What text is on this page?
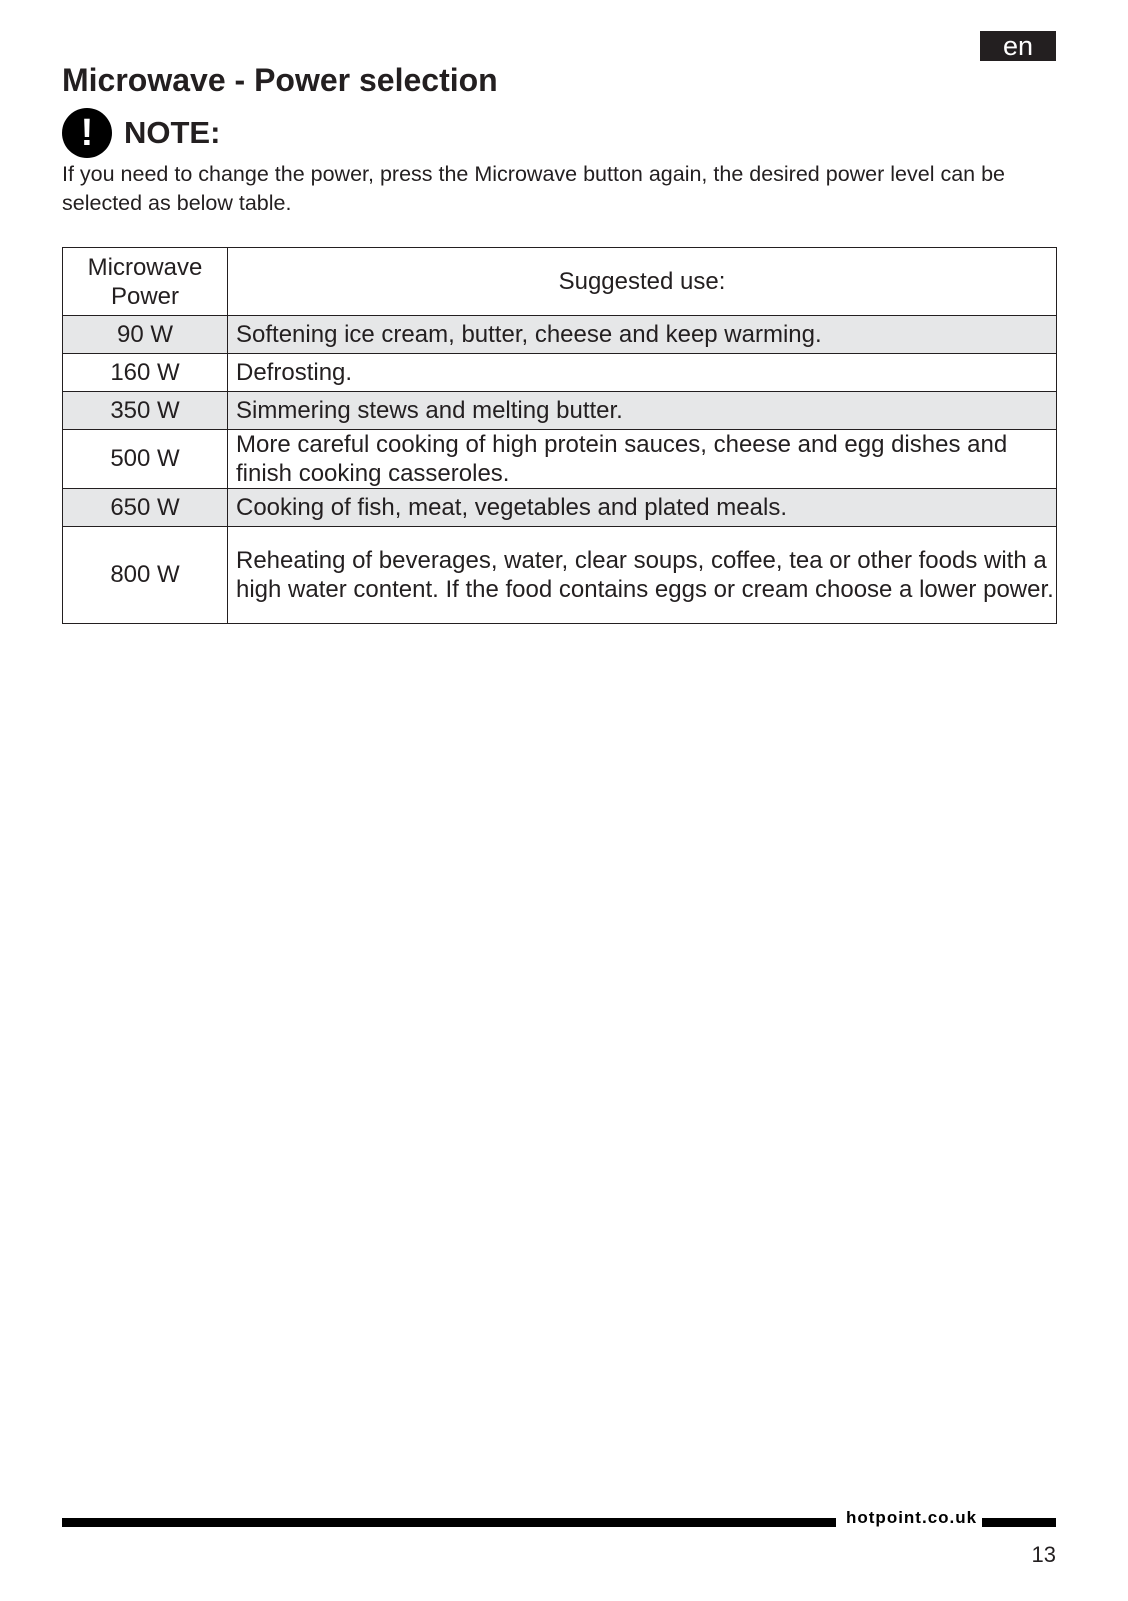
en
Microwave - Power selection
! NOTE:

If you need to change the power, press the Microwave button again, the desired power level can be selected as below table.

Microwave Power	Suggested use:
90 W	Softening ice cream, butter, cheese and keep warming.
160 W	Defrosting.
350 W	Simmering stews and melting butter.
500 W	More careful cooking of high protein sauces, cheese and egg dishes and finish cooking casseroles.
650 W	Cooking of fish, meat, vegetables and plated meals.
800 W	Reheating of beverages, water, clear soups, coffee, tea or other foods with a high water content. If the food contains eggs or cream choose a lower power.
hotpoint.co.uk
13
